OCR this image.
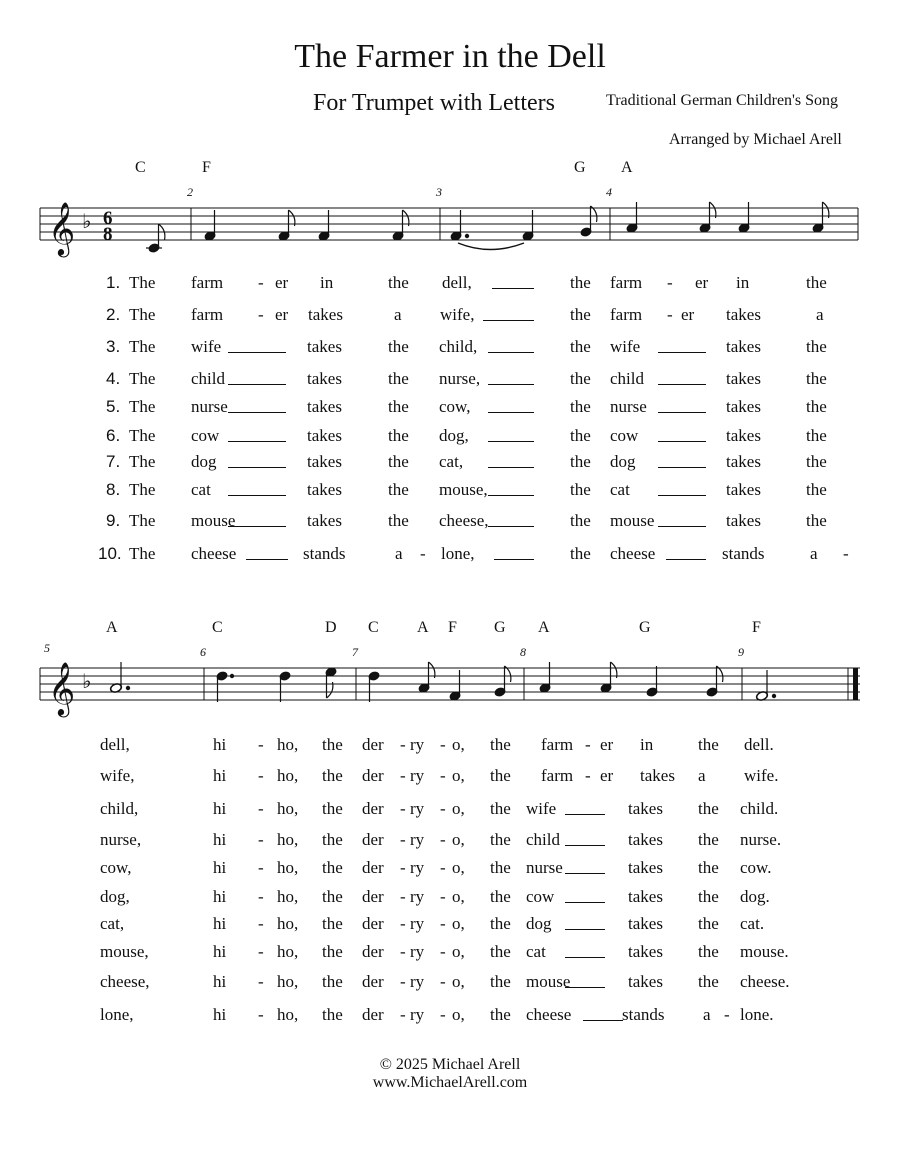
The Farmer in the Dell
For Trumpet with Letters	Traditional German Children's Song
Arranged by Michael Arell
C	F	G A
𝄞 ♭ 6
8
2	3	4
1. The farm - er in	the dell,	the farm - er in	the
2. The farm - er takes	a wife,	the farm - er takes	a
3. The wife	takes	the child,	the wife	takes	the
4. The child	takes	the nurse,	the child	takes	the
5. The nurse	takes	the cow,	the nurse	takes	the
6. The cow	takes	the dog,	the cow	takes	the
7. The dog	takes	the cat,	the dog	takes	the
8. The cat	takes	the mouse,	the cat	takes	the
9. The mouse	takes	the cheese,	the mouse	takes	the
10. The cheese	stands	a - lone,	the cheese	stands	a -
A	C	D C A F G A	G	F
𝄞 ♭
5	6	7	8	9
dell,	hi - ho, the der - ry - o, the farm - er in	the dell.
wife,	hi - ho, the der - ry - o, the farm - er takes a wife.
child,	hi - ho, the der - ry - o, the wife	takes the child.
nurse,	hi - ho, the der - ry - o, the child	takes the nurse.
cow,	hi - ho, the der - ry - o, the nurse	takes the cow.
dog,	hi - ho, the der - ry - o, the cow	takes the dog.
cat,	hi - ho, the der - ry - o, the dog	takes the cat.
mouse,	hi - ho, the der - ry - o, the cat	takes the mouse.
cheese,	hi - ho, the der - ry - o, the mouse	takes the cheese.
lone,	hi - ho, the der - ry - o, the cheese	stands a - lone.
© 2025 Michael Arell
www.MichaelArell.com
